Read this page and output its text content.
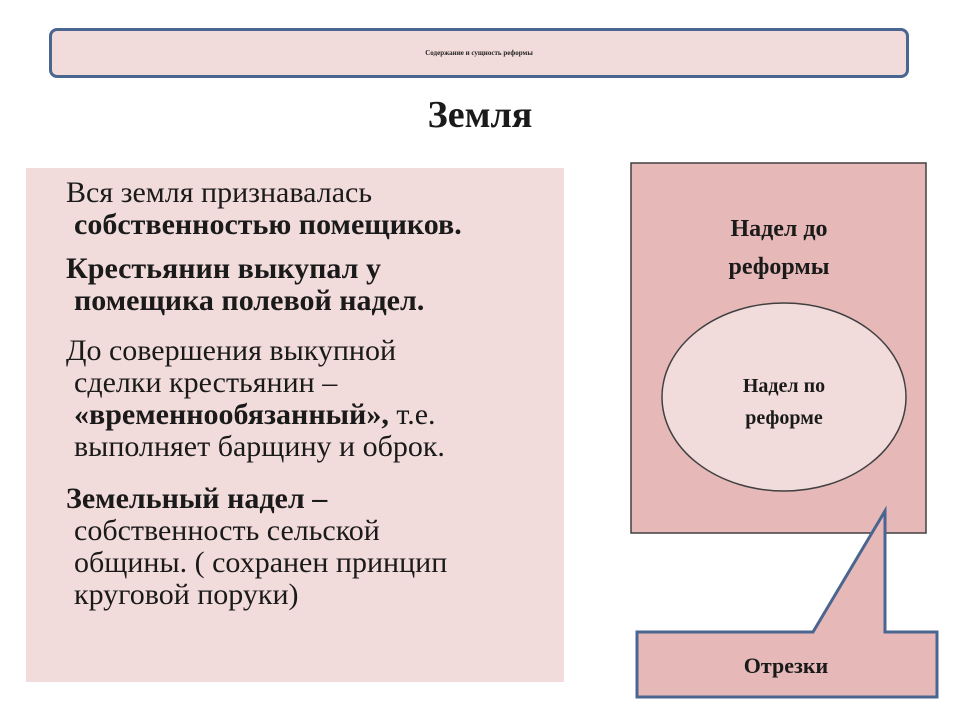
Содержание и сущность реформы
Земля
Вся земля признавалась

собственностью помещиков.
Крестьянин выкупал у

помещика полевой надел.
До совершения выкупной

сделки крестьянин –
«временнообязанный», т.е.
выполняет барщину и оброк.
Земельный надел –

собственность сельской
общины. ( сохранен принцип
круговой поруки)
Надел до
реформы
Надел по
реформе
Отрезки
